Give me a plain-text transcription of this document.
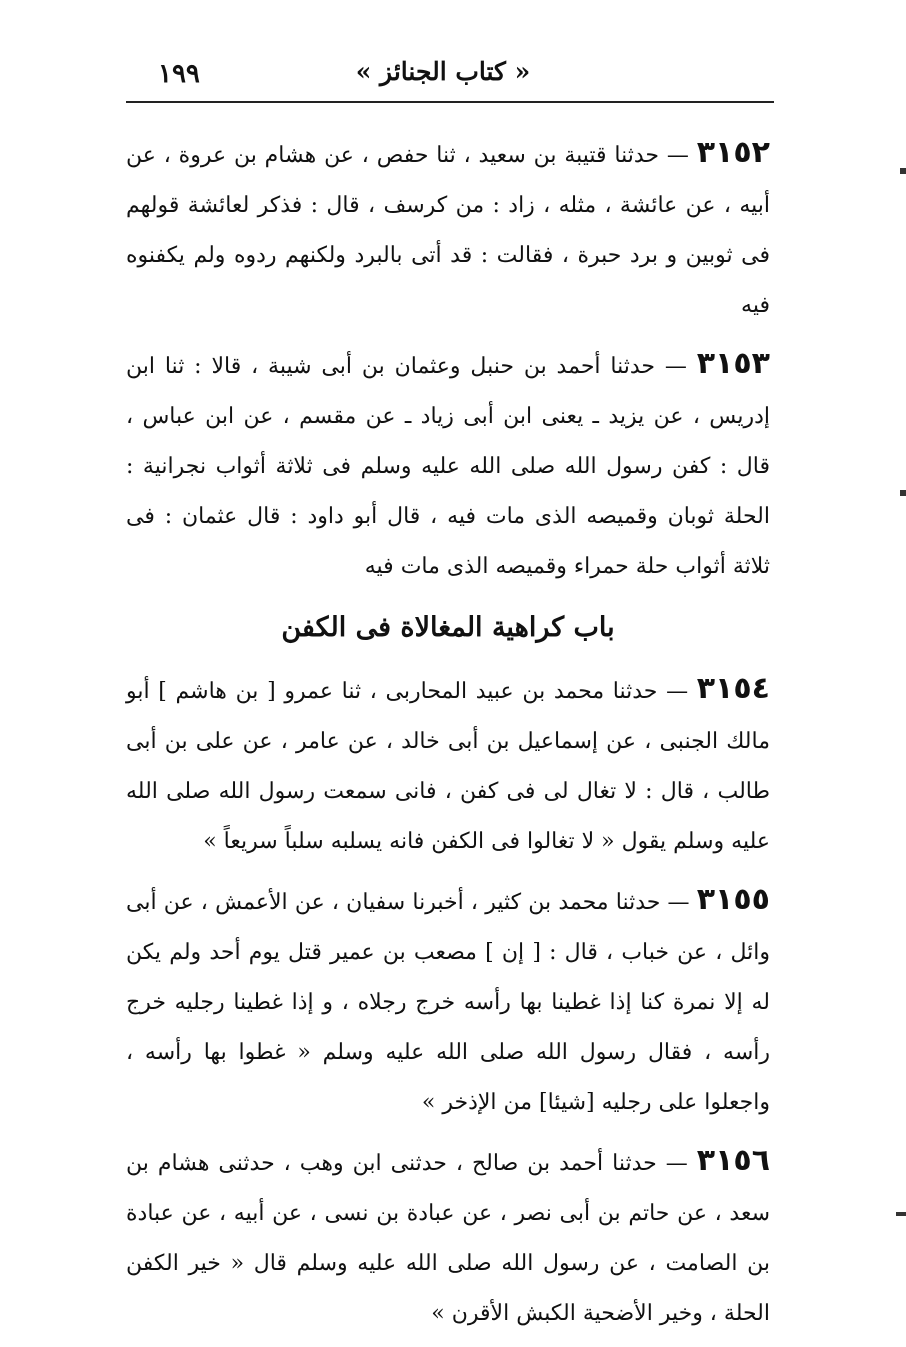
١٩٩	« كتاب الجنائز »

٣١٥٢ — حدثنا قتيبة بن سعيد ، ثنا حفص ، عن هشام بن عروة ، عن أبيه ، عن عائشة ، مثله ، زاد : من كرسف ، قال : فذكر لعائشة قولهم فى ثوبين و برد حبرة ، فقالت : قد أتى بالبرد ولكنهم ردوه ولم يكفنوه فيه

٣١٥٣ — حدثنا أحمد بن حنبل وعثمان بن أبى شيبة ، قالا : ثنا ابن إدريس ، عن يزيد ـ يعنى ابن أبى زياد ـ عن مقسم ، عن ابن عباس ، قال : كفن رسول الله صلى الله عليه وسلم فى ثلاثة أثواب نجرانية : الحلة ثوبان وقميصه الذى مات فيه ، قال أبو داود : قال عثمان : فى ثلاثة أثواب حلة حمراء وقميصه الذى مات فيه

باب كراهية المغالاة فى الكفن

٣١٥٤ — حدثنا محمد بن عبيد المحاربى ، ثنا عمرو [ بن هاشم ] أبو مالك الجنبى ، عن إسماعيل بن أبى خالد ، عن عامر ، عن على بن أبى طالب ، قال : لا تغال لى فى كفن ، فانى سمعت رسول الله صلى الله عليه وسلم يقول « لا تغالوا فى الكفن فانه يسلبه سلباً سريعاً »

٣١٥٥ — حدثنا محمد بن كثير ، أخبرنا سفيان ، عن الأعمش ، عن أبى وائل ، عن خباب ، قال : [ إن ] مصعب بن عمير قتل يوم أحد ولم يكن له إلا نمرة كنا إذا غطينا بها رأسه خرج رجلاه ، و إذا غطينا رجليه خرج رأسه ، فقال رسول الله صلى الله عليه وسلم « غطوا بها رأسه ، واجعلوا على رجليه [شيئا] من الإذخر »

٣١٥٦ — حدثنا أحمد بن صالح ، حدثنى ابن وهب ، حدثنى هشام بن سعد ، عن حاتم بن أبى نصر ، عن عبادة بن نسى ، عن أبيه ، عن عبادة بن الصامت ، عن رسول الله صلى الله عليه وسلم قال « خير الكفن الحلة ، وخير الأضحية الكبش الأقرن »
